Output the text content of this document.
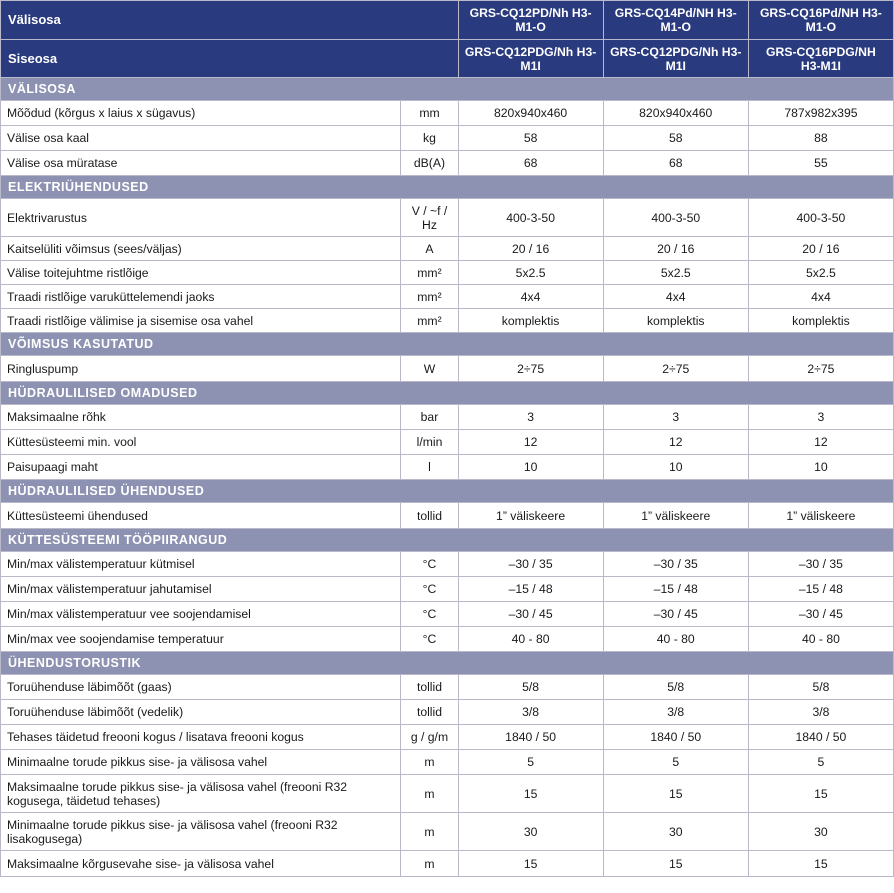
Välisosa		GRS-CQ12PD/Nh H3-M1-O	GRS-CQ14Pd/NH H3-M1-O	GRS-CQ16Pd/NH H3-M1-O
Siseosa		GRS-CQ12PDG/Nh H3-M1I	GRS-CQ12PDG/Nh H3-M1I	GRS-CQ16PDG/NH H3-M1I
VÄLISOSA				
Mõõdud (kõrgus x laius x sügavus)	mm	820x940x460	820x940x460	787x982x395
Välise osa kaal	kg	58	58	88
Välise osa müratase	dB(A)	68	68	55
ELEKTRIÜHENDUSED				
Elektrivarustus	V / ~f / Hz	400-3-50	400-3-50	400-3-50
Kaitselüliti võimsus (sees/väljas)	A	20 / 16	20 / 16	20 / 16
Välise toitejuhtme ristlõige	mm²	5x2.5	5x2.5	5x2.5
Traadi ristlõige varuküttelemendi jaoks	mm²	4x4	4x4	4x4
Traadi ristlõige välimise ja sisemise osa vahel	mm²	komplektis	komplektis	komplektis
VÕIMSUS KASUTATUD				
Ringluspump	W	2÷75	2÷75	2÷75
HÜDRAULILISED OMADUSED				
Maksimaalne rõhk	bar	3	3	3
Küttesüsteemi min. vool	l/min	12	12	12
Paisupaagi maht	l	10	10	10
HÜDRAULILISED ÜHENDUSED				
Küttesüsteemi ühendused	tollid	1” väliskeere	1” väliskeere	1” väliskeere
KÜTTESÜSTEEMI TÖÖPIIRANGUD				
Min/max välistemperatuur kütmisel	°C	–30 / 35	–30 / 35	–30 / 35
Min/max välistemperatuur jahutamisel	°C	–15 / 48	–15 / 48	–15 / 48
Min/max välistemperatuur vee soojendamisel	°C	–30 / 45	–30 / 45	–30 / 45
Min/max vee soojendamise temperatuur	°C	40 - 80	40 - 80	40 - 80
ÜHENDUSTORUSTIK				
Toruühenduse läbimõõt (gaas)	tollid	5/8	5/8	5/8
Toruühenduse läbimõõt (vedelik)	tollid	3/8	3/8	3/8
Tehases täidetud freooni kogus / lisatava freooni kogus	g / g/m	1840 / 50	1840 / 50	1840 / 50
Minimaalne torude pikkus sise- ja välisosa vahel	m	5	5	5
Maksimaalne torude pikkus sise- ja välisosa vahel (freooni R32 kogusega, täidetud tehases)	m	15	15	15
Minimaalne torude pikkus sise- ja välisosa vahel (freooni R32 lisakogusega)	m	30	30	30
Maksimaalne kõrgusevahe sise- ja välisosa vahel	m	15	15	15
